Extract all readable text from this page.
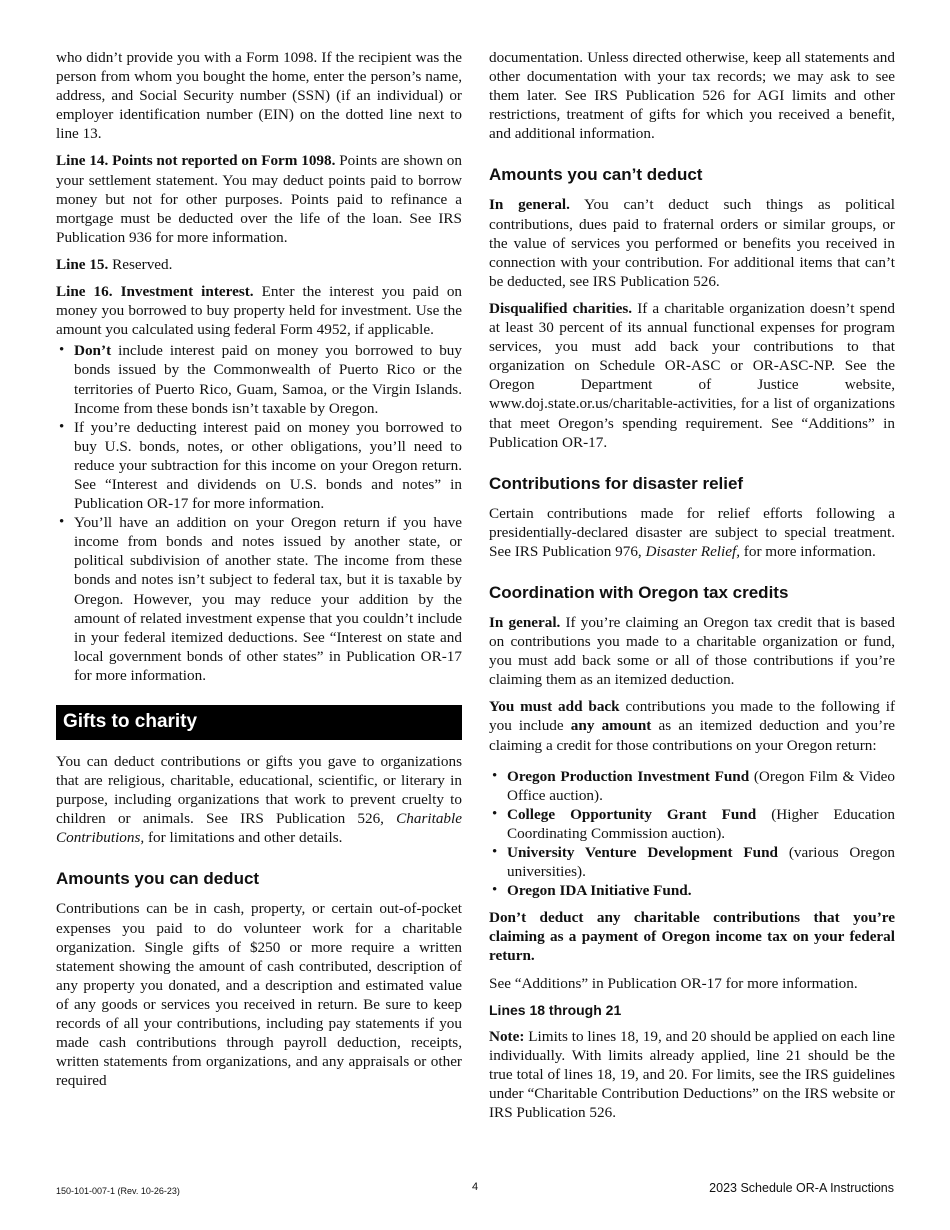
who didn’t provide you with a Form 1098. If the recipient was the person from whom you bought the home, enter the person’s name, address, and Social Security number (SSN) (if an individual) or employer identification number (EIN) on the dotted line next to line 13.

Line 14. Points not reported on Form 1098. Points are shown on your settlement statement. You may deduct points paid to borrow money but not for other purposes. Points paid to refinance a mortgage must be deducted over the life of the loan. See IRS Publication 936 for more information.

Line 15. Reserved.

Line 16. Investment interest. Enter the interest you paid on money you borrowed to buy property held for investment. Use the amount you calculated using federal Form 4952, if applicable.

• Don’t include interest paid on money you borrowed to buy bonds issued by the Commonwealth of Puerto Rico or the territories of Puerto Rico, Guam, Samoa, or the Virgin Islands. Income from these bonds isn’t taxable by Oregon.
• If you’re deducting interest paid on money you borrowed to buy U.S. bonds, notes, or other obligations, you’ll need to reduce your subtraction for this income on your Oregon return. See “Interest and dividends on U.S. bonds and notes” in Publication OR-17 for more information.
• You’ll have an addition on your Oregon return if you have income from bonds and notes issued by another state, or political subdivision of another state. The income from these bonds and notes isn’t subject to federal tax, but it is taxable by Oregon. However, you may reduce your addition by the amount of related investment expense that you couldn’t include in your federal itemized deductions. See “Interest on state and local government bonds of other states” in Publication OR-17 for more information.
Gifts to charity

You can deduct contributions or gifts you gave to organizations that are religious, charitable, educational, scientific, or literary in purpose, including organizations that work to prevent cruelty to children or animals. See IRS Publication 526, Charitable Contributions, for limitations and other details.

Amounts you can deduct

Contributions can be in cash, property, or certain out-of-pocket expenses you paid to do volunteer work for a charitable organization. Single gifts of $250 or more require a written statement showing the amount of cash contributed, description of any property you donated, and a description and estimated value of any goods or services you received in return. Be sure to keep records of all your contributions, including pay statements if you made cash contributions through payroll deduction, receipts, written statements from organizations, and any appraisals or other required

documentation. Unless directed otherwise, keep all statements and other documentation with your tax records; we may ask to see them later. See IRS Publication 526 for AGI limits and other restrictions, treatment of gifts for which you received a benefit, and additional information.

Amounts you can’t deduct

In general. You can’t deduct such things as political contributions, dues paid to fraternal orders or similar groups, or the value of services you performed or benefits you received in connection with your contribution. For additional items that can’t be deducted, see IRS Publication 526.

Disqualified charities. If a charitable organization doesn’t spend at least 30 percent of its annual functional expenses for program services, you must add back your contributions to that organization on Schedule OR-ASC or OR-ASC-NP. See the Oregon Department of Justice website, www.doj.state.or.us/charitable-activities, for a list of organizations that meet Oregon’s spending requirement. See “Additions” in Publication OR-17.

Contributions for disaster relief

Certain contributions made for relief efforts following a presidentially-declared disaster are subject to special treatment. See IRS Publication 976, Disaster Relief, for more information.

Coordination with Oregon tax credits

In general. If you’re claiming an Oregon tax credit that is based on contributions you made to a charitable organization or fund, you must add back some or all of those contributions if you’re claiming them as an itemized deduction.

You must add back contributions you made to the following if you include any amount as an itemized deduction and you’re claiming a credit for those contributions on your Oregon return:

• Oregon Production Investment Fund (Oregon Film & Video Office auction).
• College Opportunity Grant Fund (Higher Education Coordinating Commission auction).
• University Venture Development Fund (various Oregon universities).
• Oregon IDA Initiative Fund.

Don’t deduct any charitable contributions that you’re claiming as a payment of Oregon income tax on your federal return.

See “Additions” in Publication OR-17 for more information.

Lines 18 through 21

Note: Limits to lines 18, 19, and 20 should be applied on each line individually. With limits already applied, line 21 should be the true total of lines 18, 19, and 20. For limits, see the IRS guidelines under “Charitable Contribution Deductions” on the IRS website or IRS Publication 526.

150-101-007-1 (Rev. 10-26-23)	4	2023 Schedule OR-A Instructions
